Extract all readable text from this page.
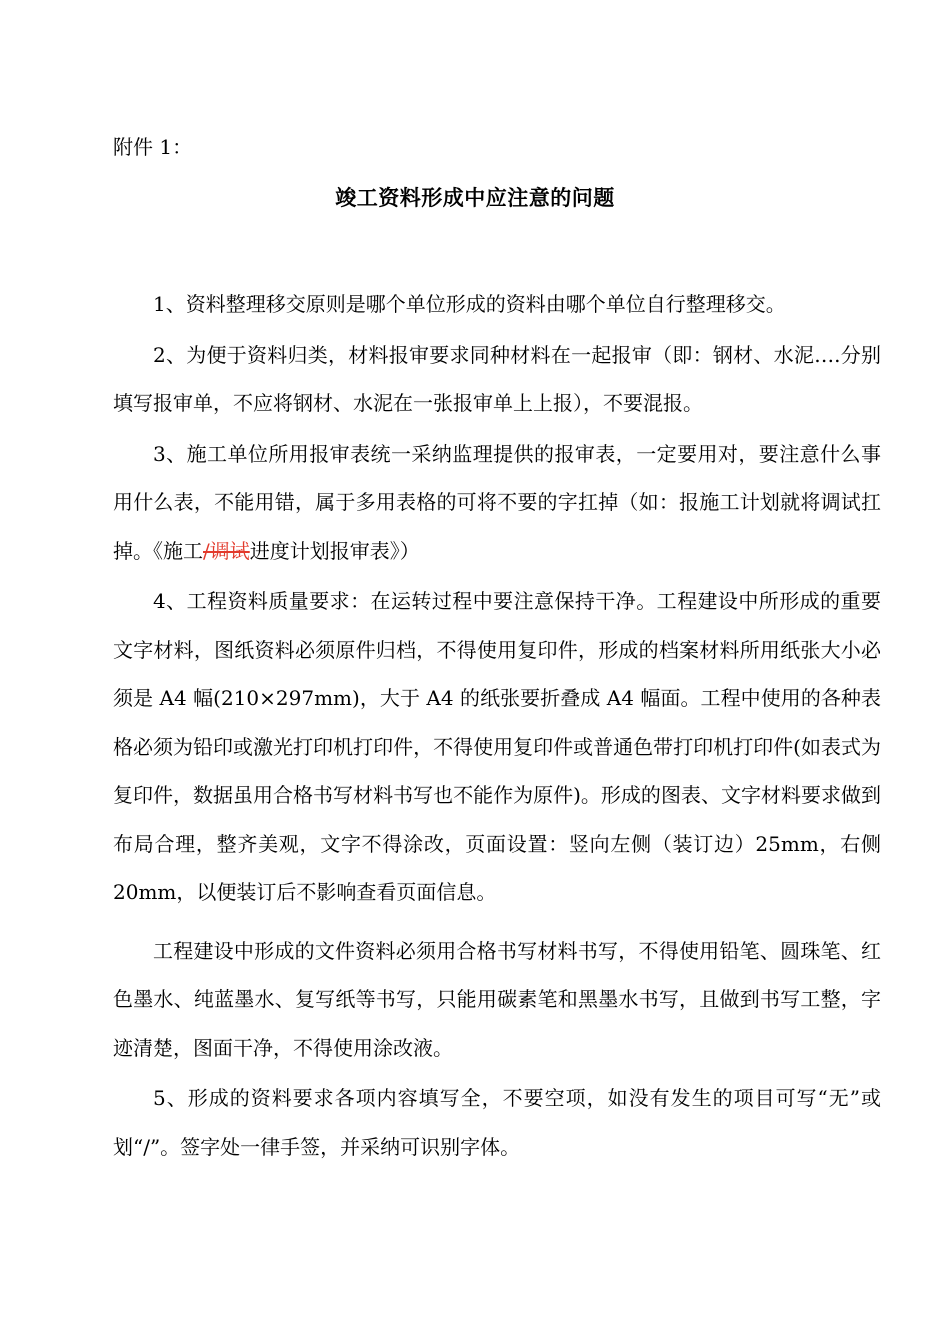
附件 1：
竣工资料形成中应注意的问题

1、资料整理移交原则是哪个单位形成的资料由哪个单位自行整理移交。

2、为便于资料归类，材料报审要求同种材料在一起报审（即：钢材、水泥….分别填写报审单，不应将钢材、水泥在一张报审单上上报），不要混报。

3、施工单位所用报审表统一采纳监理提供的报审表，一定要用对，要注意什么事用什么表，不能用错，属于多用表格的可将不要的字扛掉（如：报施工计划就将调试扛掉。《施工/调试进度计划报审表》）

4、工程资料质量要求：在运转过程中要注意保持干净。工程建设中所形成的重要文字材料，图纸资料必须原件归档，不得使用复印件，形成的档案材料所用纸张大小必须是 A4 幅(210×297mm)，大于 A4 的纸张要折叠成 A4 幅面。工程中使用的各种表格必须为铅印或激光打印机打印件，不得使用复印件或普通色带打印机打印件(如表式为复印件，数据虽用合格书写材料书写也不能作为原件)。形成的图表、文字材料要求做到布局合理，整齐美观，文字不得涂改，页面设置：竖向左侧（装订边）25mm，右侧 20mm，以便装订后不影响查看页面信息。

工程建设中形成的文件资料必须用合格书写材料书写，不得使用铅笔、圆珠笔、红色墨水、纯蓝墨水、复写纸等书写，只能用碳素笔和黑墨水书写，且做到书写工整，字迹清楚，图面干净，不得使用涂改液。

5、形成的资料要求各项内容填写全，不要空项，如没有发生的项目可写“无”或划“/”。签字处一律手签，并采纳可识别字体。
